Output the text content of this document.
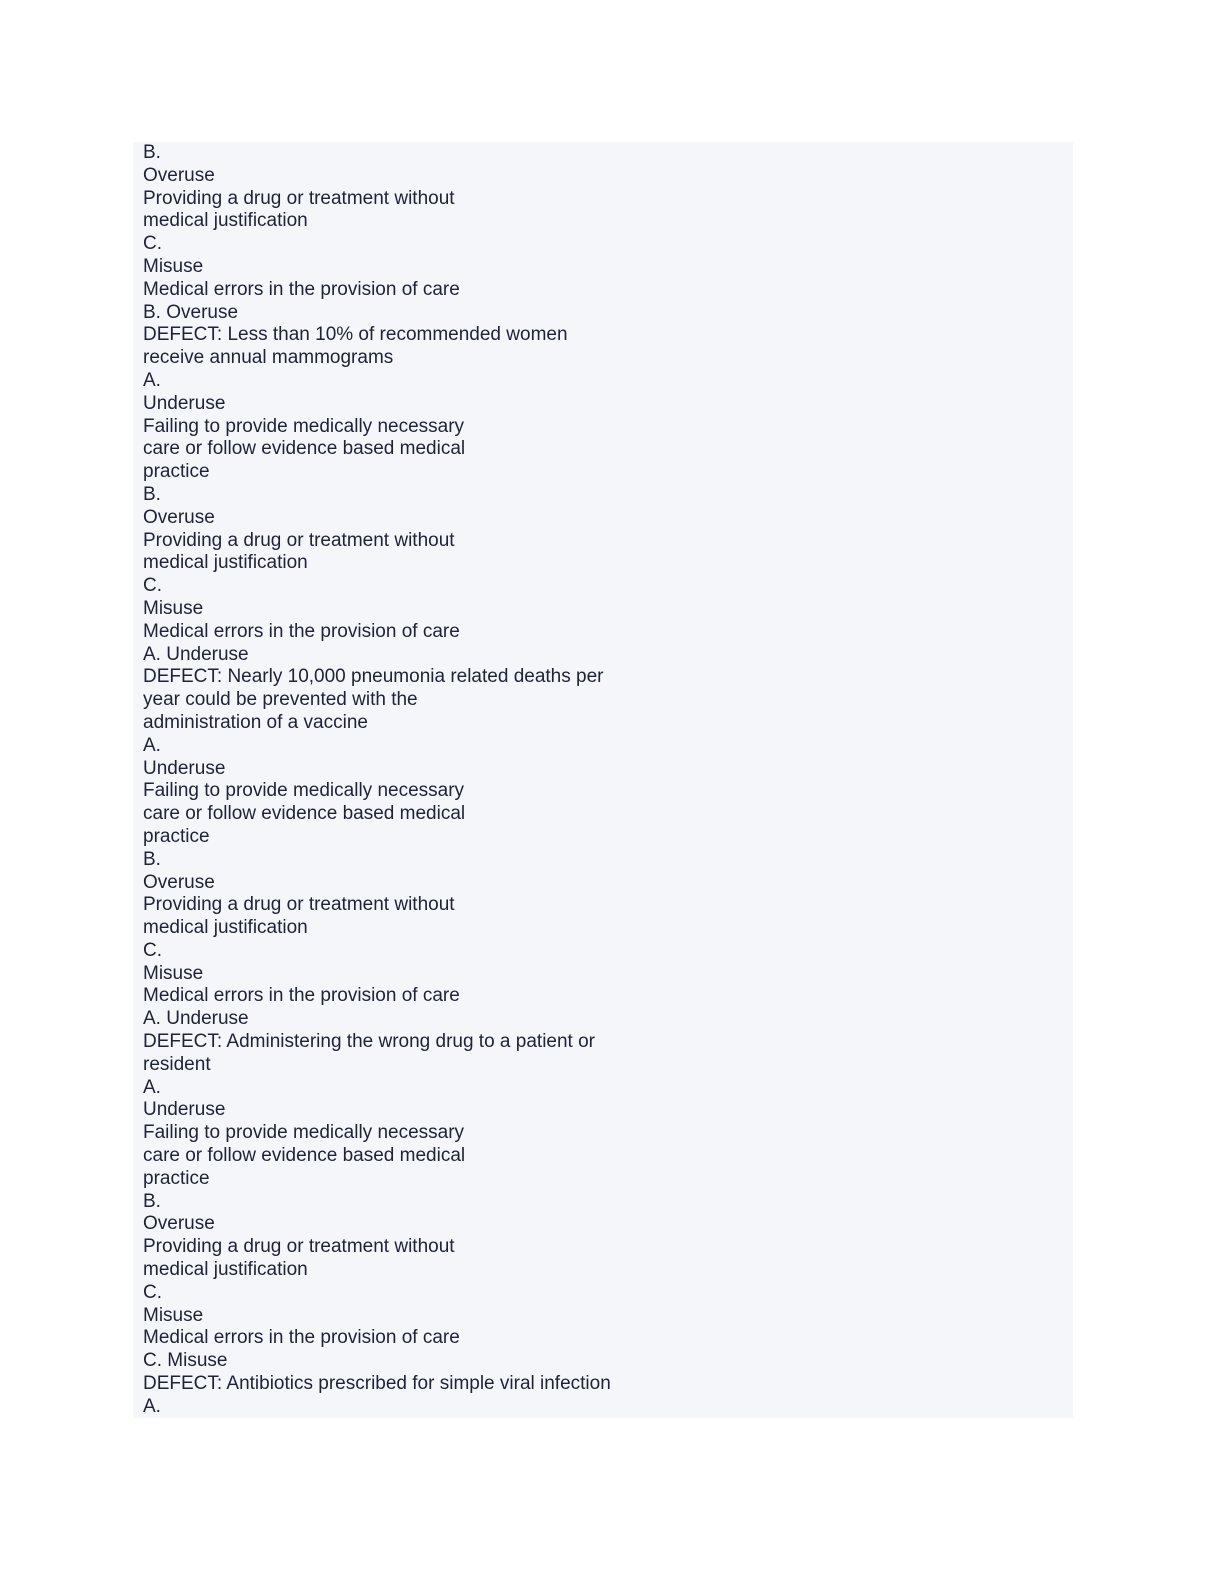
B.
Overuse
Providing a drug or treatment without
medical justification
C.
Misuse
Medical errors in the provision of care
B. Overuse
DEFECT: Less than 10% of recommended women
receive annual mammograms
A.
Underuse
Failing to provide medically necessary
care or follow evidence based medical
practice
B.
Overuse
Providing a drug or treatment without
medical justification
C.
Misuse
Medical errors in the provision of care
A. Underuse
DEFECT: Nearly 10,000 pneumonia related deaths per
year could be prevented with the
administration of a vaccine
A.
Underuse
Failing to provide medically necessary
care or follow evidence based medical
practice
B.
Overuse
Providing a drug or treatment without
medical justification
C.
Misuse
Medical errors in the provision of care
A. Underuse
DEFECT: Administering the wrong drug to a patient or
resident
A.
Underuse
Failing to provide medically necessary
care or follow evidence based medical
practice
B.
Overuse
Providing a drug or treatment without
medical justification
C.
Misuse
Medical errors in the provision of care
C. Misuse
DEFECT: Antibiotics prescribed for simple viral infection
A.
